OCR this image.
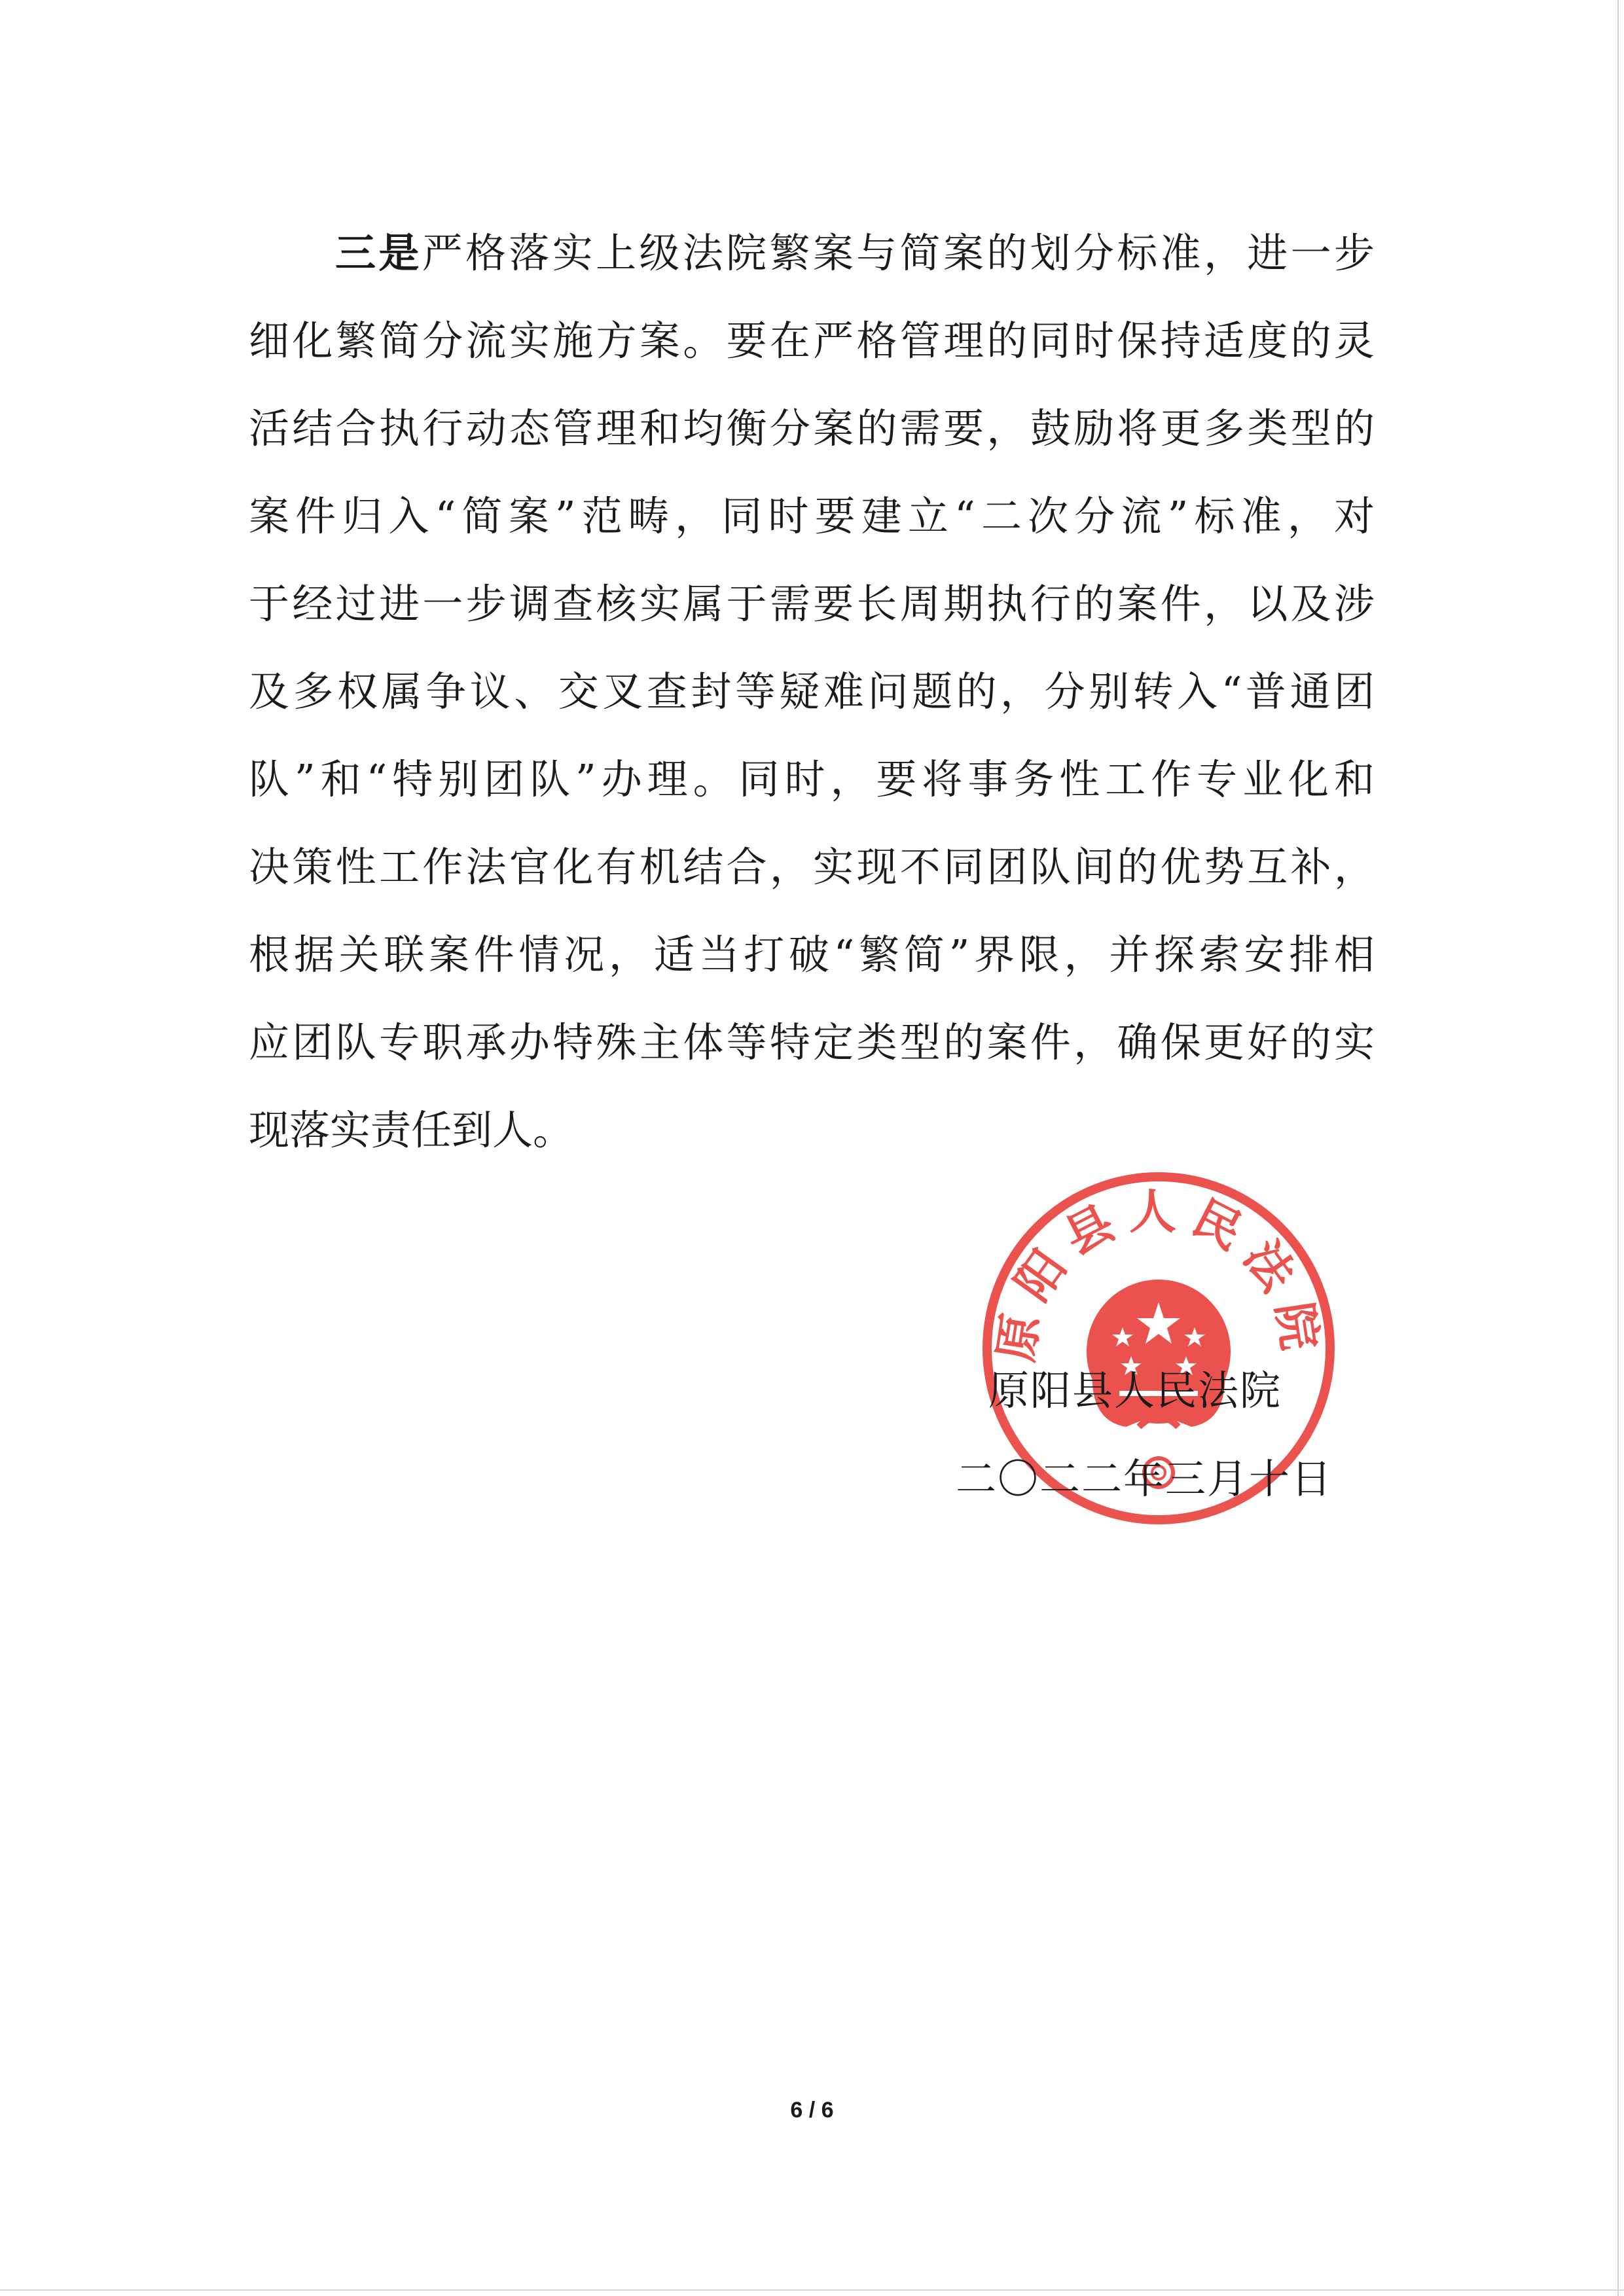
三是严格落实上级法院繁案与简案的划分标准，进一步
细化繁简分流实施方案。要在严格管理的同时保持适度的灵
活结合执行动态管理和均衡分案的需要，鼓励将更多类型的
案件归入“简案”范畴，同时要建立“二次分流”标准，对
于经过进一步调查核实属于需要长周期执行的案件，以及涉
及多权属争议、交叉查封等疑难问题的，分别转入“普通团
队”和“特别团队”办理。同时，要将事务性工作专业化和
决策性工作法官化有机结合，实现不同团队间的优势互补，
根据关联案件情况，适当打破“繁简”界限，并探索安排相
应团队专职承办特殊主体等特定类型的案件，确保更好的实
现落实责任到人。
原阳县人民法院
原阳县人民法院
二〇二二年三月十日
6 / 6
